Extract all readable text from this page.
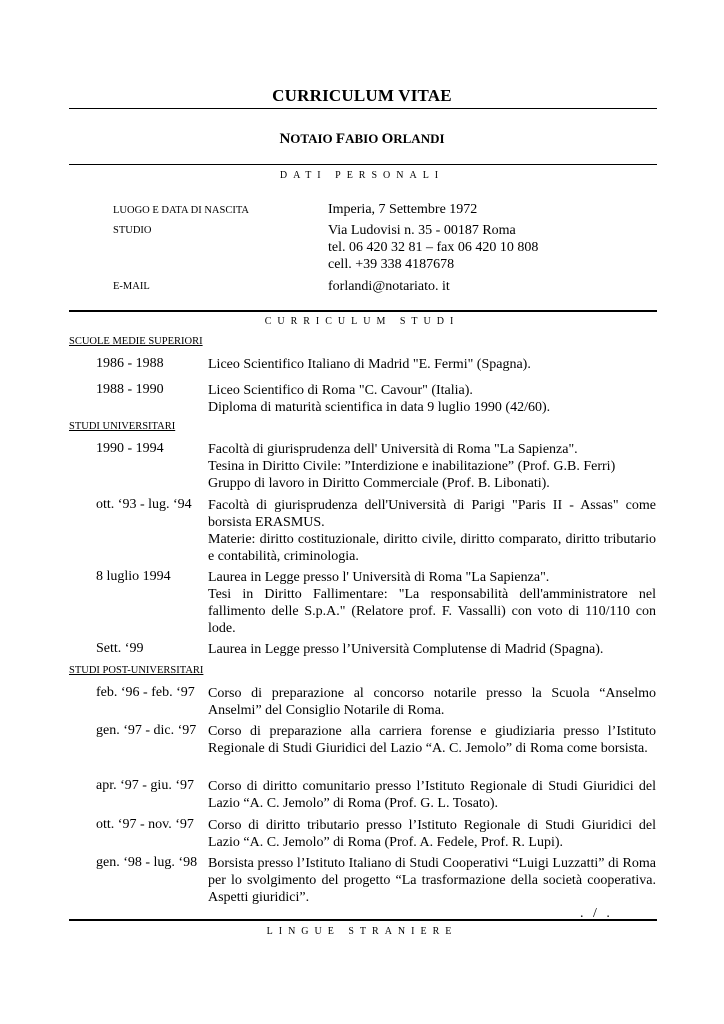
CURRICULUM VITAE
NOTAIO FABIO ORLANDI
DATI PERSONALI
LUOGO E DATA DI NASCITA	Imperia, 7 Settembre 1972
STUDIO	Via Ludovisi n. 35 - 00187 Roma
tel. 06 420 32 81 – fax 06 420 10 808
cell. +39 338 4187678
E-MAIL	forlandi@notariato. it
CURRICULUM STUDI
SCUOLE MEDIE SUPERIORI
1986 - 1988	Liceo Scientifico Italiano di Madrid "E. Fermi" (Spagna).
1988 - 1990	Liceo Scientifico di Roma "C. Cavour" (Italia).
Diploma di maturità scientifica in data 9 luglio 1990 (42/60).
STUDI UNIVERSITARI
1990 - 1994	Facoltà di giurisprudenza dell' Università di Roma "La Sapienza".
Tesina in Diritto Civile: ”Interdizione e inabilitazione” (Prof. G.B. Ferri)
Gruppo di lavoro in Diritto Commerciale (Prof. B. Libonati).
ott. ‘93 - lug. ‘94 Facoltà di giurisprudenza dell'Università di Parigi "Paris II - Assas" come borsista ERASMUS.
Materie: diritto costituzionale, diritto civile, diritto comparato, diritto tributario e contabilità, criminologia.
8 luglio 1994	Laurea in Legge presso l' Università di Roma "La Sapienza".
Tesi in Diritto Fallimentare: "La responsabilità dell'amministratore nel fallimento delle S.p.A." (Relatore prof. F. Vassalli) con voto di 110/110 con lode.
Sett. ‘99	Laurea in Legge presso l’Università Complutense di Madrid (Spagna).
STUDI POST-UNIVERSITARI
feb. ‘96 - feb. ‘97 Corso di preparazione al concorso notarile presso la Scuola “Anselmo Anselmi” del Consiglio Notarile di Roma.
gen. ‘97 - dic. ‘97 Corso di preparazione alla carriera forense e giudiziaria presso l’Istituto Regionale di Studi Giuridici del Lazio “A. C. Jemolo” di Roma come borsista.
apr. ‘97 - giu. ‘97 Corso di diritto comunitario presso l’Istituto Regionale di Studi Giuridici del Lazio “A. C. Jemolo” di Roma (Prof. G. L. Tosato).
ott. ‘97 - nov. ‘97 Corso di diritto tributario presso l’Istituto Regionale di Studi Giuridici del Lazio “A. C. Jemolo” di Roma (Prof. A. Fedele, Prof. R. Lupi).
gen. ‘98 - lug. ‘98 Borsista presso l’Istituto Italiano di Studi Cooperativi “Luigi Luzzatti” di Roma per lo svolgimento del progetto “La trasformazione della società cooperativa. Aspetti giuridici”.
. / .
LINGUE STRANIERE
